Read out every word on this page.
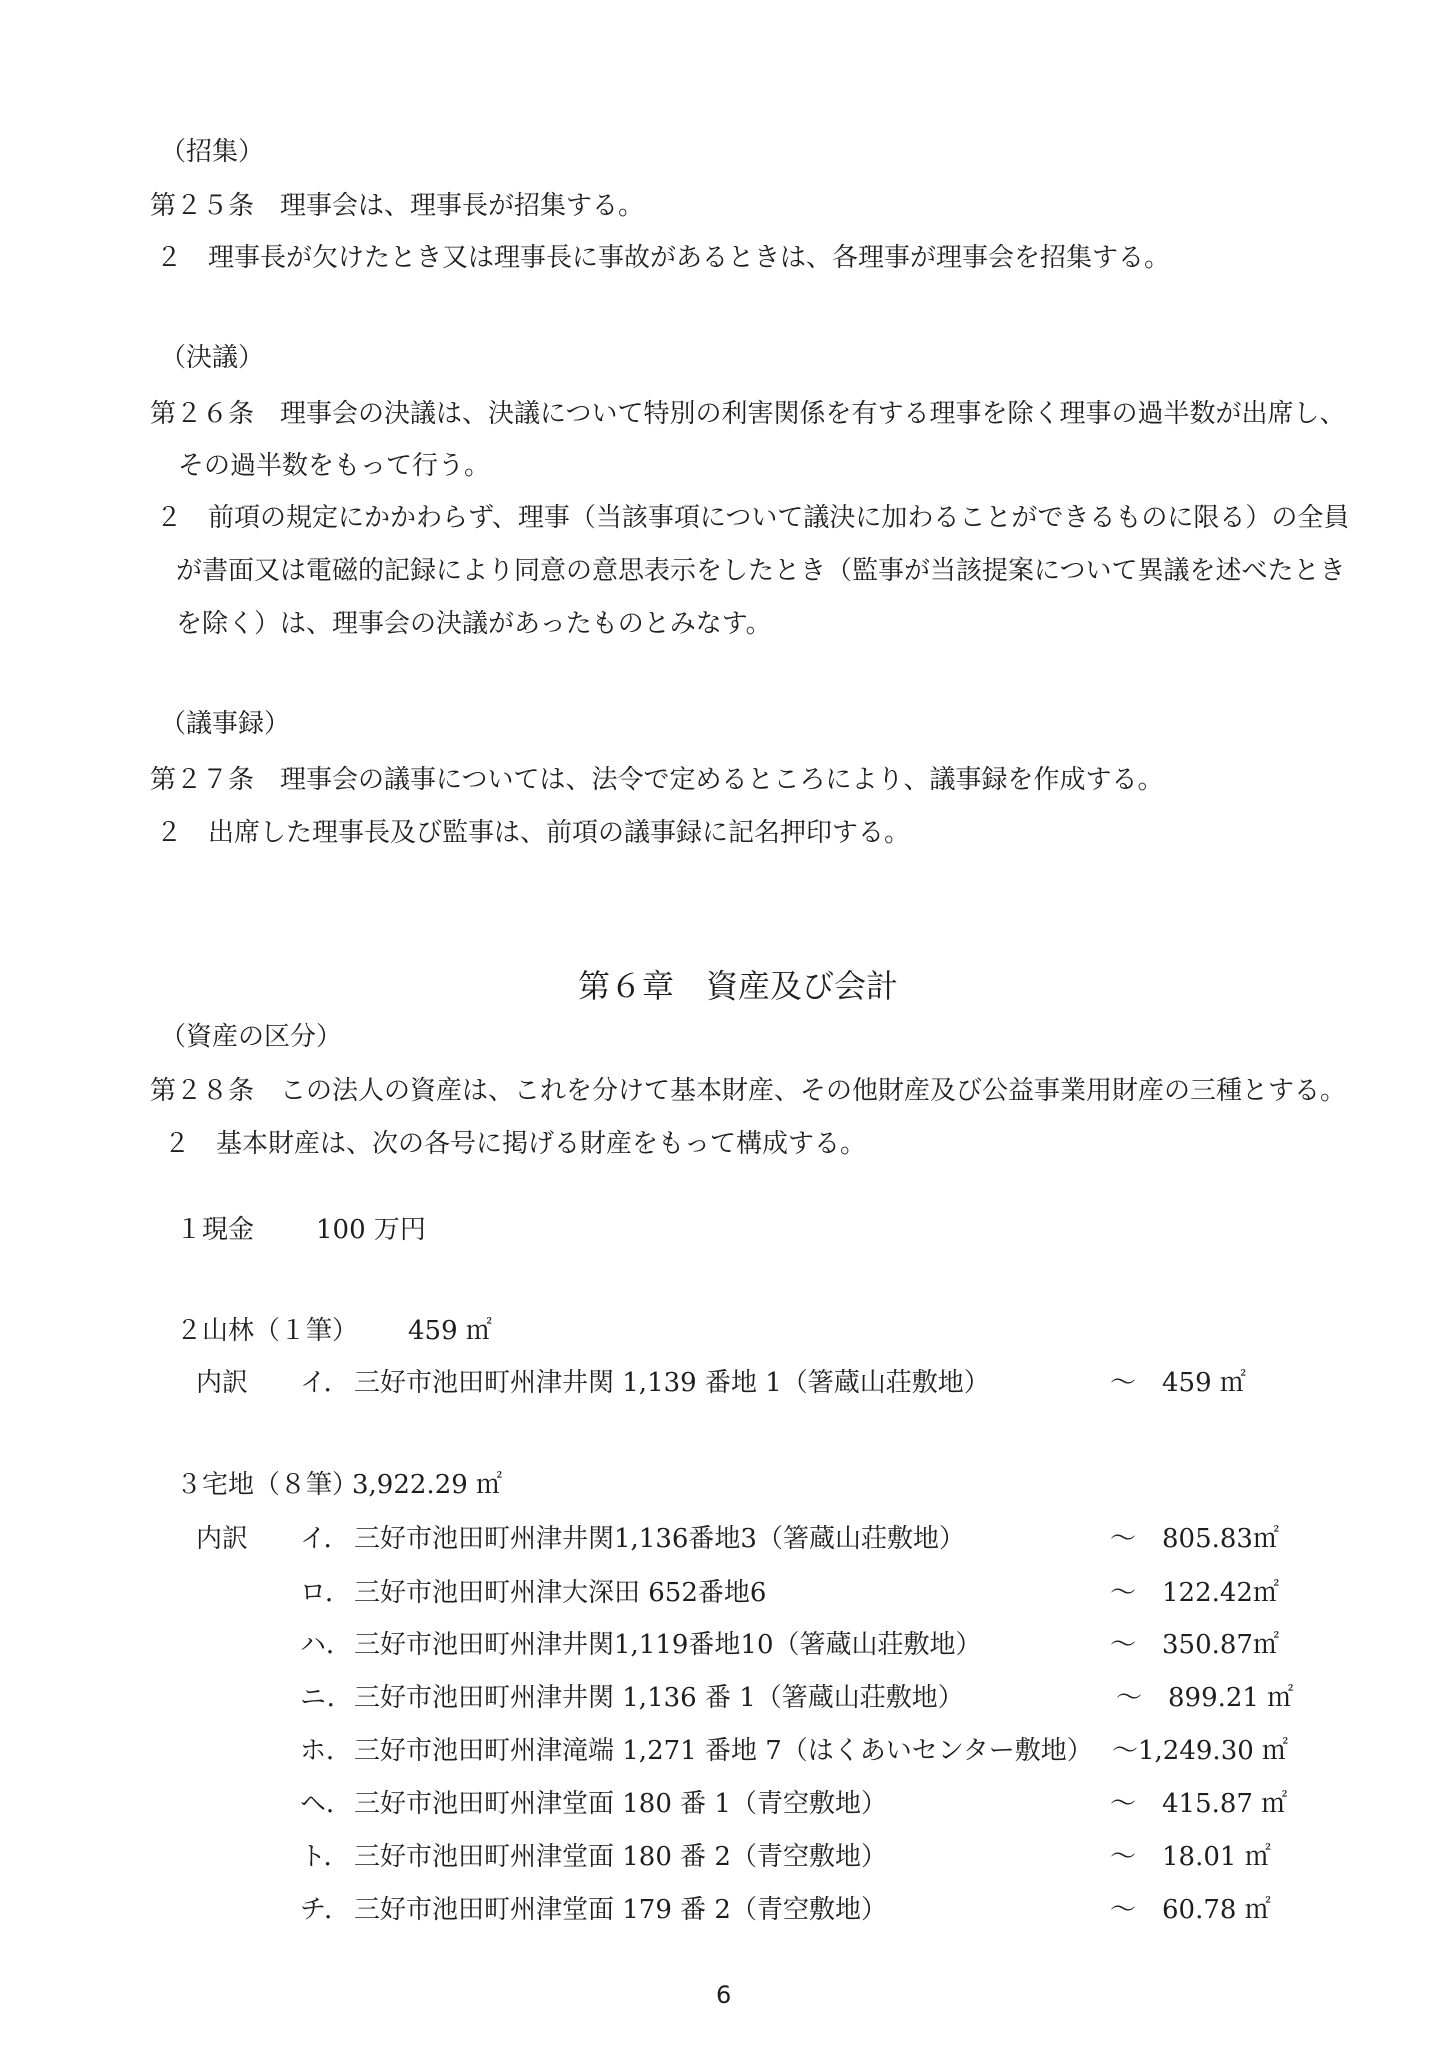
（招集）
第２５条　理事会は、理事長が招集する。
２　理事長が欠けたとき又は理事長に事故があるときは、各理事が理事会を招集する。
（決議）
第２６条　理事会の決議は、決議について特別の利害関係を有する理事を除く理事の過半数が出席し、
その過半数をもって行う。
２　前項の規定にかかわらず、理事（当該事項について議決に加わることができるものに限る）の全員
が書面又は電磁的記録により同意の意思表示をしたとき（監事が当該提案について異議を述べたとき
を除く）は、理事会の決議があったものとみなす。
（議事録）
第２７条　理事会の議事については、法令で定めるところにより、議事録を作成する。
２　出席した理事長及び監事は、前項の議事録に記名押印する。
第６章　資産及び会計
（資産の区分）
第２８条　この法人の資産は、これを分けて基本財産、その他財産及び公益事業用財産の三種とする。
２　基本財産は、次の各号に掲げる財産をもって構成する。
１現金 100 万円
２山林（１筆） 459 ㎡
内訳 イ． 三好市池田町州津井関 1,139 番地 1（箸蔵山荘敷地）	～　459 ㎡
３宅地（８筆）
3,922.29 ㎡
内訳 イ． 三好市池田町州津井関1,136番地3（箸蔵山荘敷地）	～　805.83㎡
ロ． 三好市池田町州津大深田 652番地6	～　122.42㎡
ハ． 三好市池田町州津井関1,119番地10（箸蔵山荘敷地）	～　350.87㎡
ニ． 三好市池田町州津井関 1,136 番 1（箸蔵山荘敷地）	～　899.21 ㎡
ホ． 三好市池田町州津滝端 1,271 番地 7（はくあいセンター敷地） ～1,249.30 ㎡
ヘ． 三好市池田町州津堂面 180 番 1（青空敷地）	～　415.87 ㎡
ト． 三好市池田町州津堂面 180 番 2（青空敷地）	～　18.01 ㎡
チ． 三好市池田町州津堂面 179 番 2（青空敷地）	～　60.78 ㎡
6
